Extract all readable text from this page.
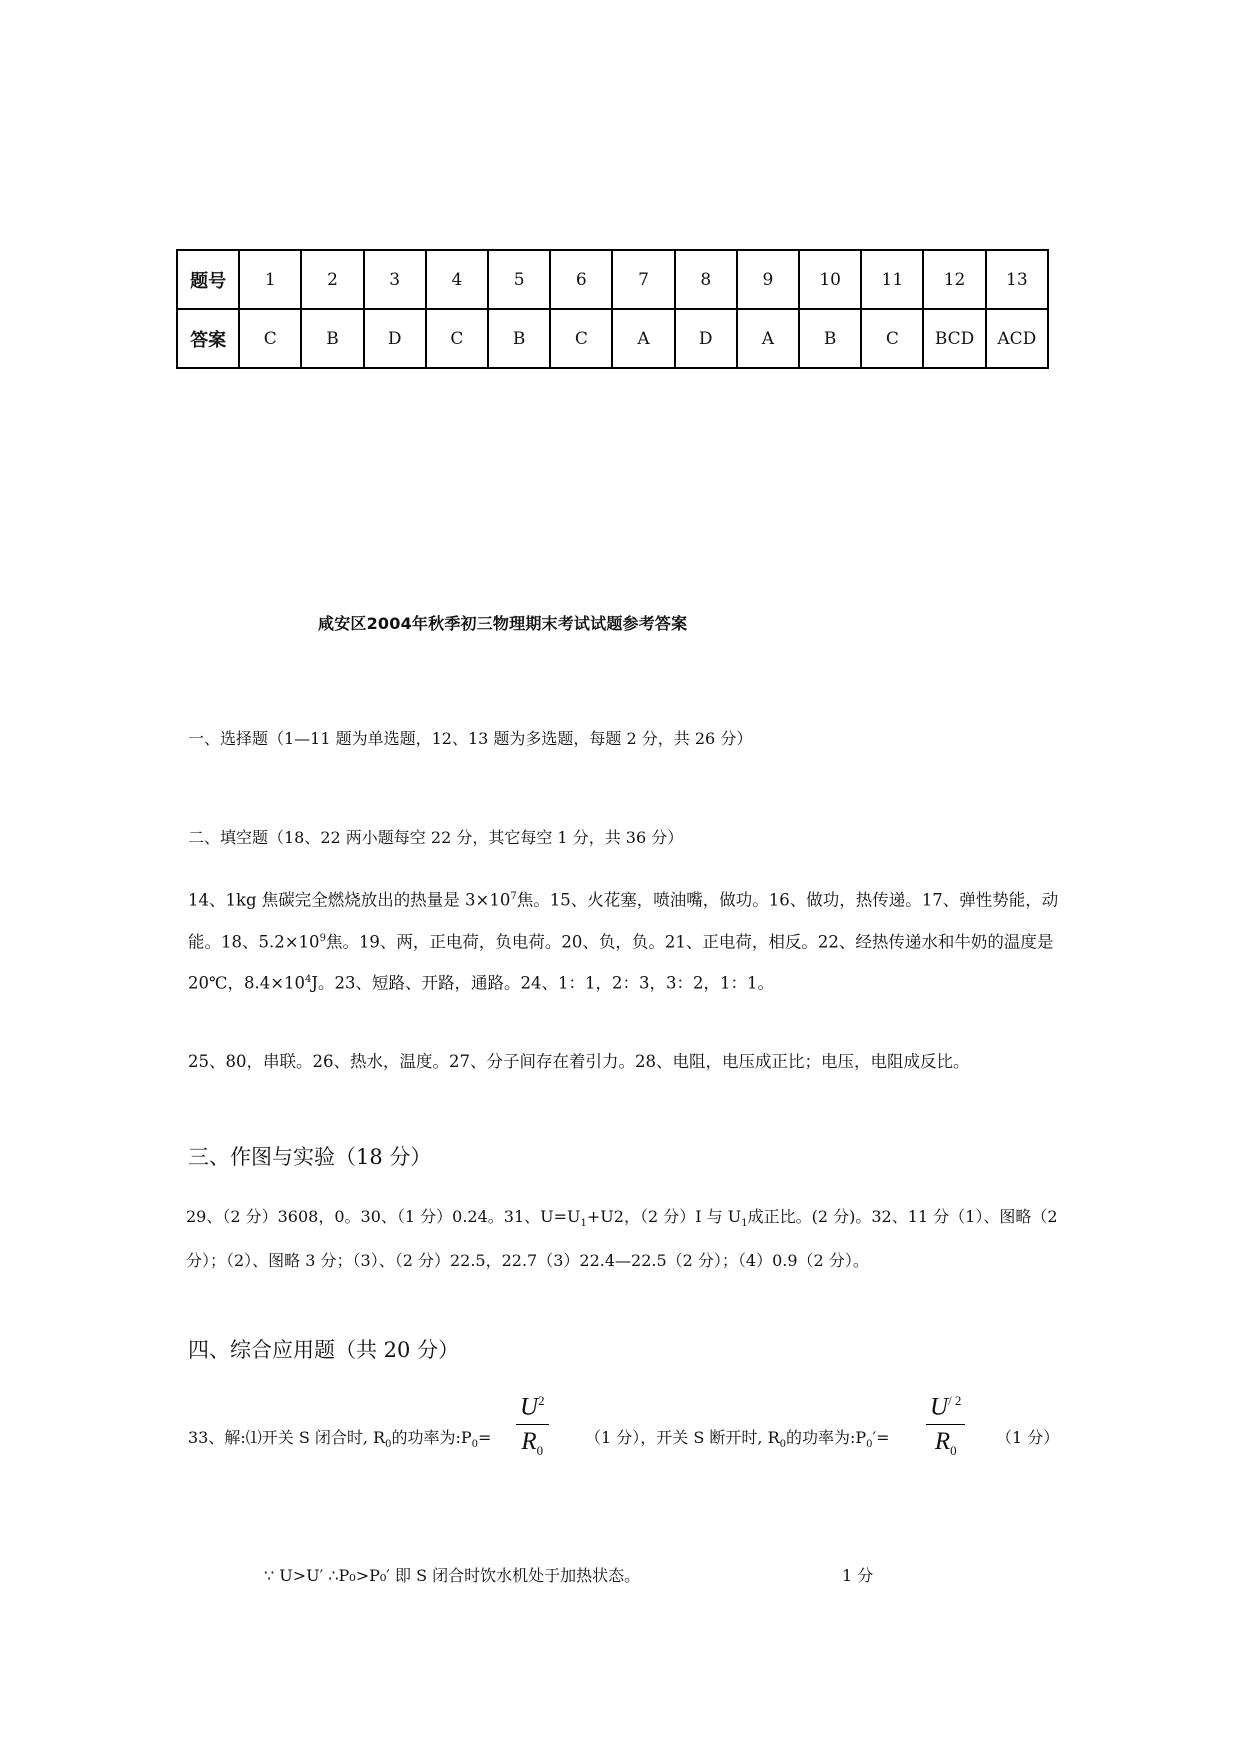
题号	1	2	3	4	5	6	7	8	9	10	11	12	13
答案	C	B	D	C	B	C	A	D	A	B	C	BCD	ACD
咸安区2004年秋季初三物理期末考试试题参考答案
一、选择题（1—11 题为单选题，12、13 题为多选题，每题 2 分，共 26 分）
二、填空题（18、22 两小题每空 22 分，其它每空 1 分，共 36 分）
14、1kg 焦碳完全燃烧放出的热量是 $3\times 10^7$焦。15、火花塞，喷油嘴，做功。16、做功，热传递。17、弹性势能，动能。18、$5.2\times 10^9$焦。19、两，正电荷，负电荷。20、负，负。21、正电荷，相反。22、经热传递水和牛奶的温度是 20℃，$8.4\times 10^4J$。23、短路、开路，通路。24、1：1，2：3，3：2，1：1。
25、80，串联。26、热水，温度。27、分子间存在着引力。28、电阻，电压成正比；电压，电阻成反比。
三、作图与实验（18 分）
29、（2 分）3608，0。30、（1 分）0.24。31、$U=U_1+U2$，（2 分）I 与 $U_1$成正比。(2 分)。32、11 分（1）、图略（2 分）；（2）、图略 3 分；（3）、（2 分）22.5，22.7（3）22.4—22.5（2 分）；（4）0.9（2 分）。
四、综合应用题（共 20 分）
33、解:⑴开关 S 闭合时, $R_0$的功率为$:P_0= \frac{U^2}{R_0} (1$ 分），开关 S 断开时, $R_0$的功率为$:P_0'= \frac{U^{/ 2}}{R_0} (1$ 分）
∵ U>U′ ∴P₀>P₀′ 即 S 闭合时饮水机处于加热状态。	1 分
